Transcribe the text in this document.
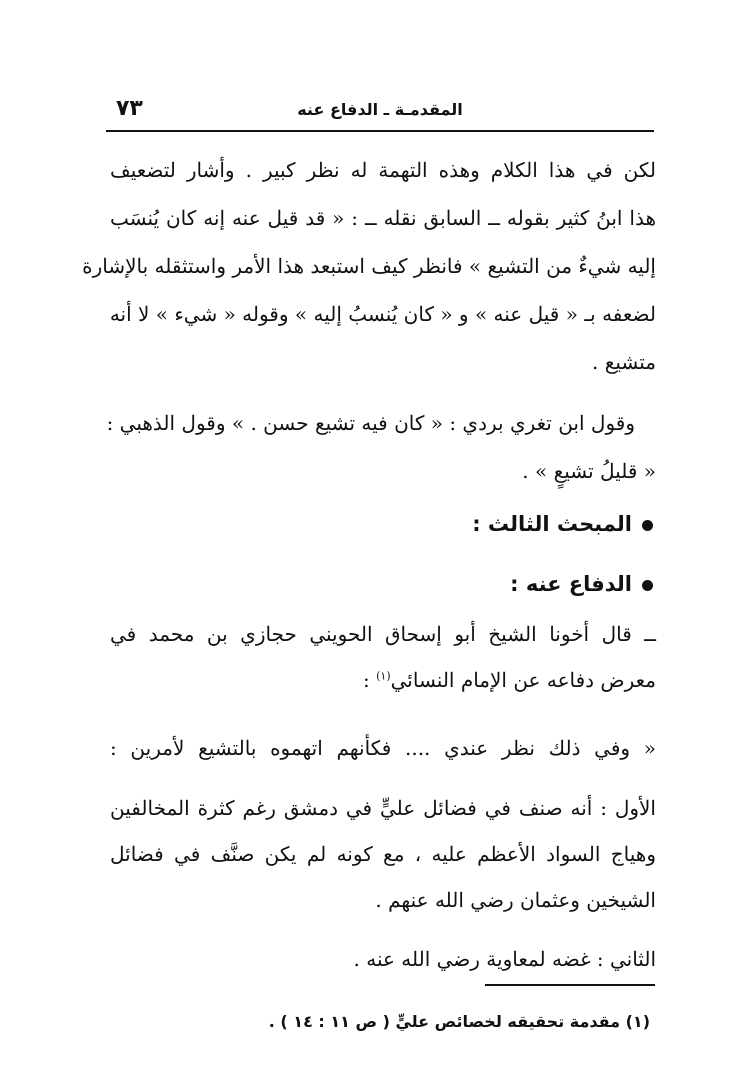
المقدمـة ـ الدفاع عنه
٧٣
لكن في هذا الكلام وهذه التهمة له نظر كبير . وأشار لتضعيف
هذا ابنُ كثير بقوله ــ السابق نقله ــ : « قد قيل عنه إنه كان يُنسَب
إليه شيءٌ من التشيع » فانظر كيف استبعد هذا الأمر واستثقله بالإشارة
لضعفه بـ « قيل عنه » و « كان يُنسبُ إليه » وقوله « شيء » لا أنه
متشيع .
وقول ابن تغري بردي : « كان فيه تشيع حسن . » وقول الذهبي :
« قليلُ تشيعٍ » .
المبحث الثالث :
الدفاع عنه :
ــ قال أخونا الشيخ أبو إسحاق الحويني حجازي بن محمد في
معرض دفاعه عن الإمام النسائي$^{(١)}$ :
« وفي ذلك نظر عندي .... فكأنهم اتهموه بالتشيع لأمرين :
الأول : أنه صنف في فضائل عليٍّ في دمشق رغم كثرة المخالفين
وهياج السواد الأعظم عليه ، مع كونه لم يكن صنَّف في فضائل
الشيخين وعثمان رضي الله عنهم .
الثاني : غضه لمعاوية رضي الله عنه .
(١) مقدمة تحقيقه لخصائص عليٍّ ( ص ١١ : ١٤ ) .
